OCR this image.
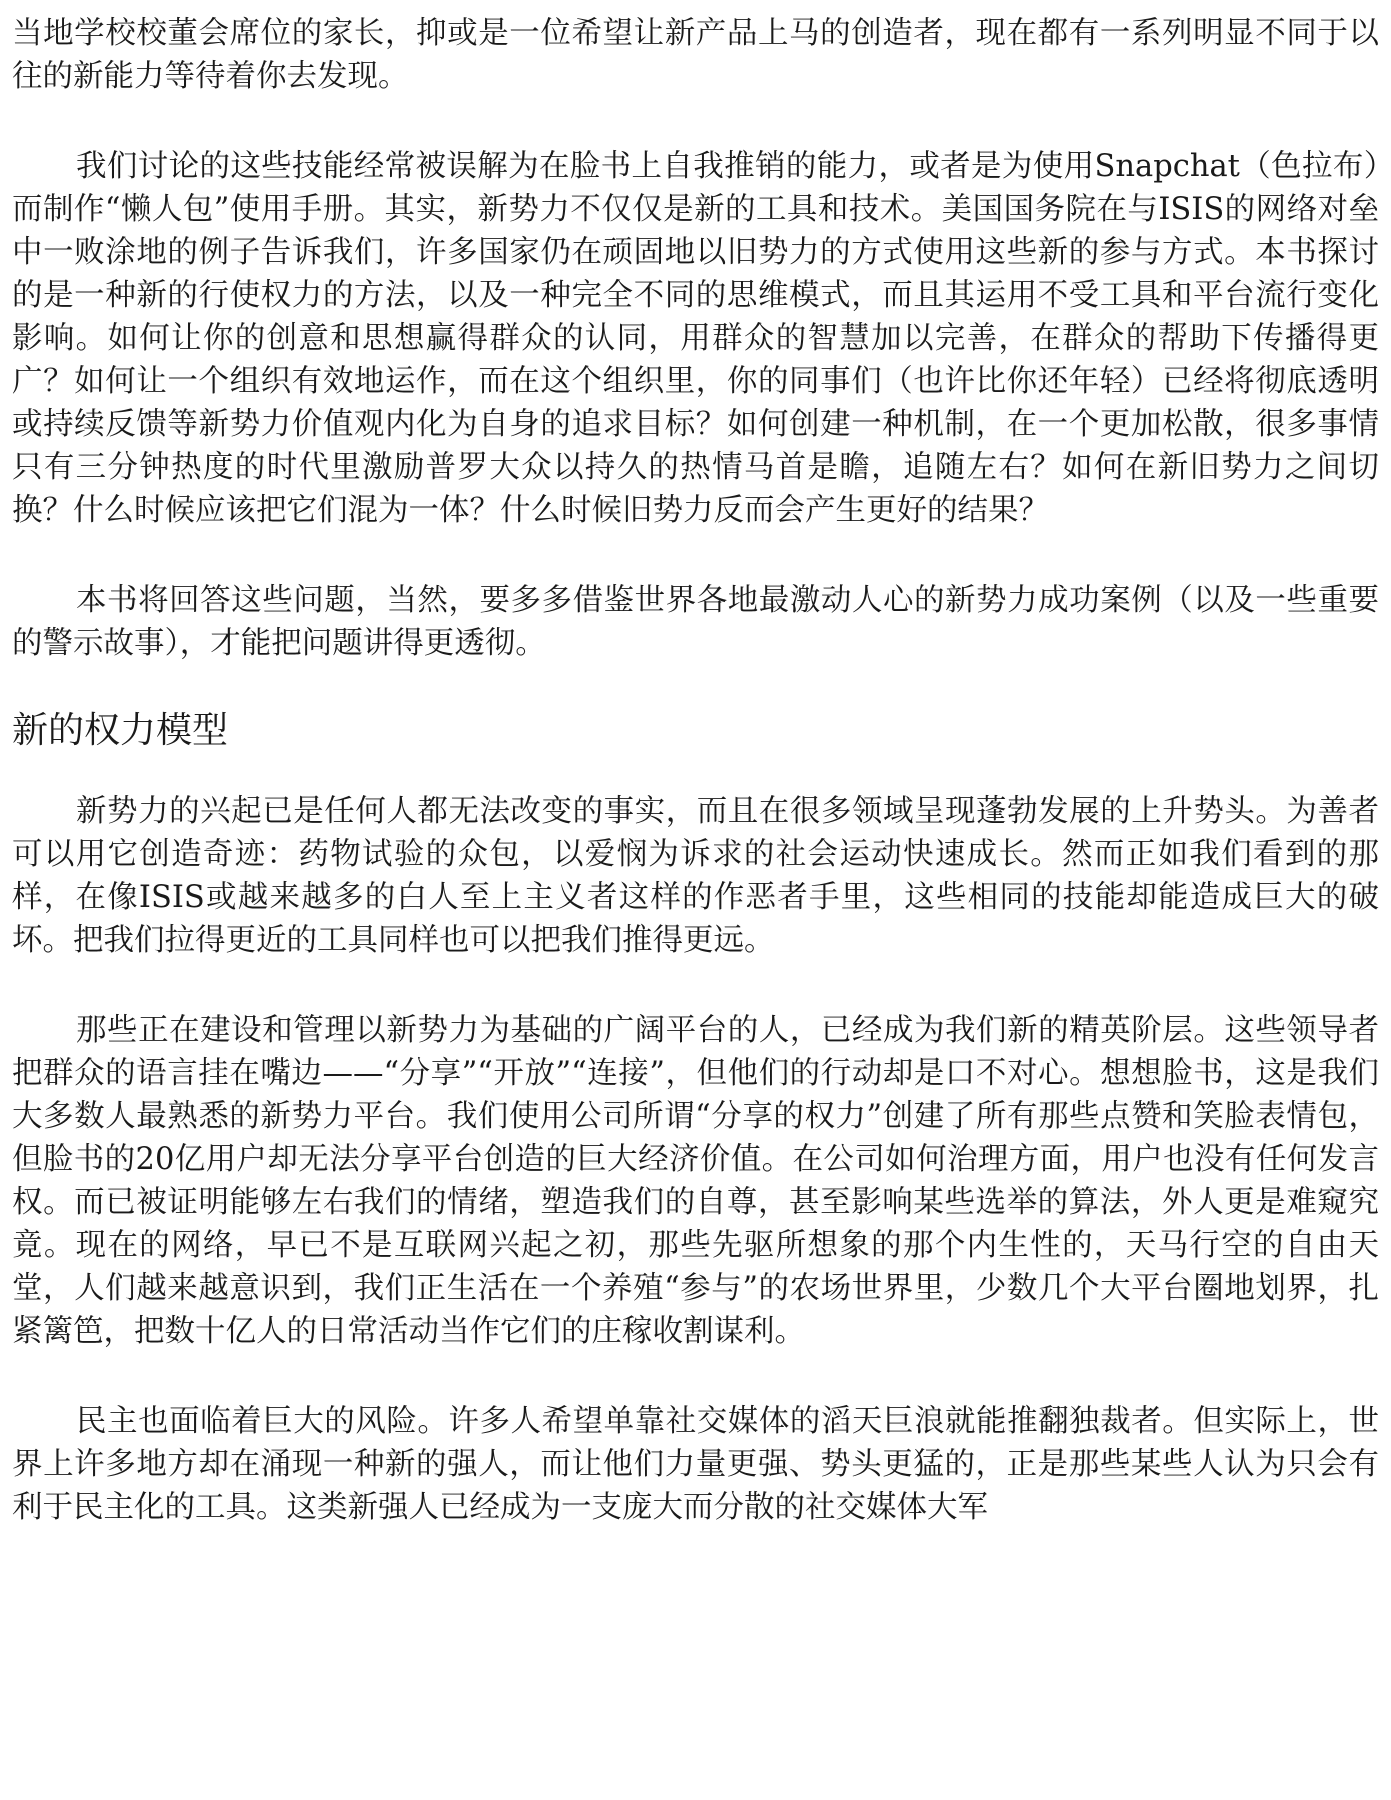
当地学校校董会席位的家长，抑或是一位希望让新产品上马的创造者，现在都有一系列明显不同于以往的新能力等待着你去发现。

我们讨论的这些技能经常被误解为在脸书上自我推销的能力，或者是为使用Snapchat（色拉布）而制作“懒人包”使用手册。其实，新势力不仅仅是新的工具和技术。美国国务院在与ISIS的网络对垒中一败涂地的例子告诉我们，许多国家仍在顽固地以旧势力的方式使用这些新的参与方式。本书探讨的是一种新的行使权力的方法，以及一种完全不同的思维模式，而且其运用不受工具和平台流行变化影响。如何让你的创意和思想赢得群众的认同，用群众的智慧加以完善，在群众的帮助下传播得更广？如何让一个组织有效地运作，而在这个组织里，你的同事们（也许比你还年轻）已经将彻底透明或持续反馈等新势力价值观内化为自身的追求目标？如何创建一种机制，在一个更加松散，很多事情只有三分钟热度的时代里激励普罗大众以持久的热情马首是瞻，追随左右？如何在新旧势力之间切换？什么时候应该把它们混为一体？什么时候旧势力反而会产生更好的结果？

本书将回答这些问题，当然，要多多借鉴世界各地最激动人心的新势力成功案例（以及一些重要的警示故事），才能把问题讲得更透彻。

新的权力模型

新势力的兴起已是任何人都无法改变的事实，而且在很多领域呈现蓬勃发展的上升势头。为善者可以用它创造奇迹：药物试验的众包，以爱悯为诉求的社会运动快速成长。然而正如我们看到的那样，在像ISIS或越来越多的白人至上主义者这样的作恶者手里，这些相同的技能却能造成巨大的破坏。把我们拉得更近的工具同样也可以把我们推得更远。

那些正在建设和管理以新势力为基础的广阔平台的人，已经成为我们新的精英阶层。这些领导者把群众的语言挂在嘴边——“分享”“开放”“连接”，但他们的行动却是口不对心。想想脸书，这是我们大多数人最熟悉的新势力平台。我们使用公司所谓“分享的权力”创建了所有那些点赞和笑脸表情包，但脸书的20亿用户却无法分享平台创造的巨大经济价值。在公司如何治理方面，用户也没有任何发言权。而已被证明能够左右我们的情绪，塑造我们的自尊，甚至影响某些选举的算法，外人更是难窥究竟。现在的网络，早已不是互联网兴起之初，那些先驱所想象的那个内生性的，天马行空的自由天堂，人们越来越意识到，我们正生活在一个养殖“参与”的农场世界里，少数几个大平台圈地划界，扎紧篱笆，把数十亿人的日常活动当作它们的庄稼收割谋利。

民主也面临着巨大的风险。许多人希望单靠社交媒体的滔天巨浪就能推翻独裁者。但实际上，世界上许多地方却在涌现一种新的强人，而让他们力量更强、势头更猛的，正是那些某些人认为只会有利于民主化的工具。这类新强人已经成为一支庞大而分散的社交媒体大军
